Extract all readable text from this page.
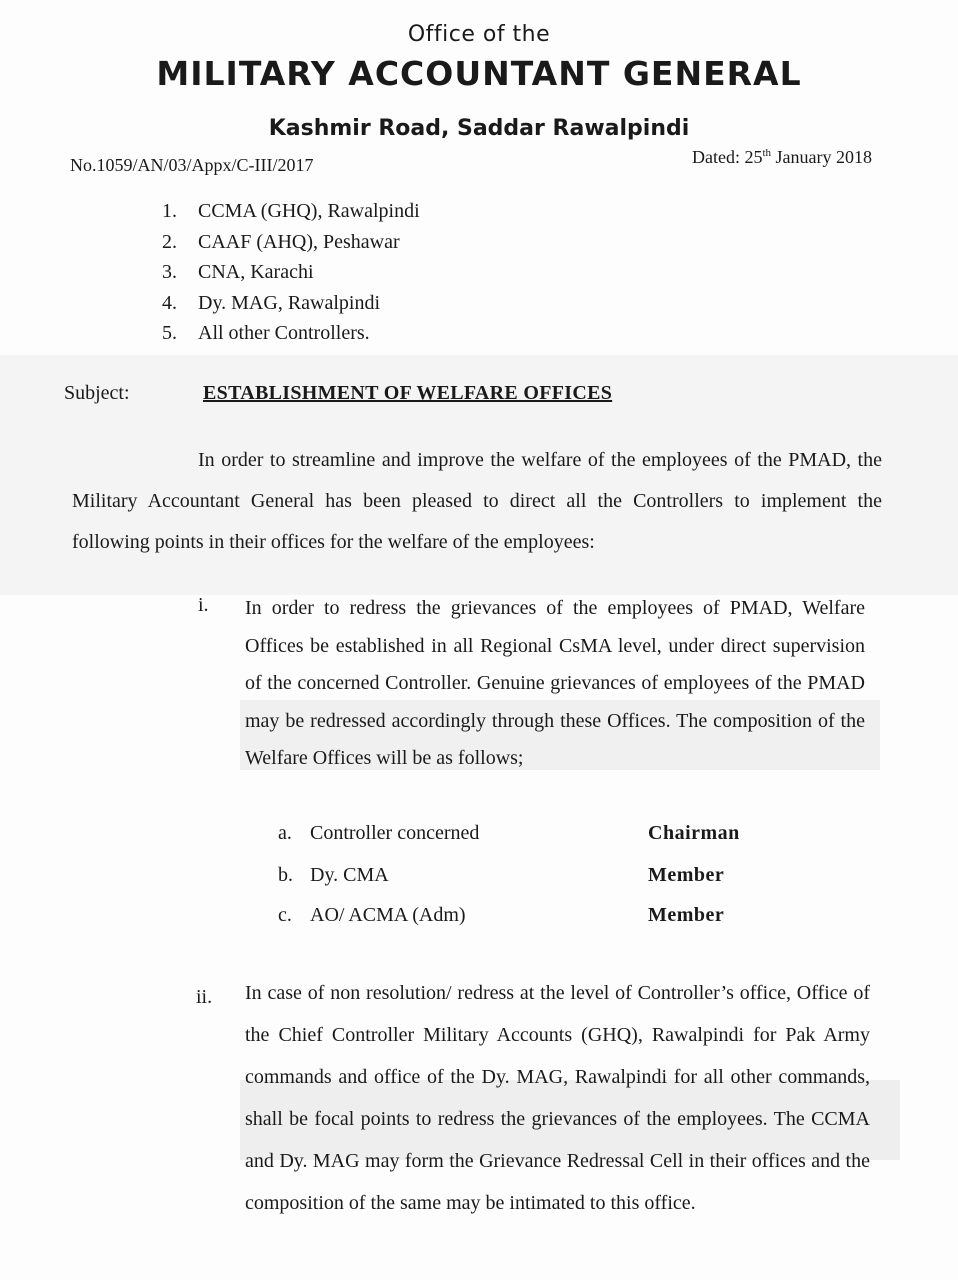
Office of the
MILITARY ACCOUNTANT GENERAL
Kashmir Road, Saddar Rawalpindi
No.1059/AN/03/Appx/C-III/2017	Dated: 25th January 2018
1. CCMA (GHQ), Rawalpindi
2. CAAF (AHQ), Peshawar
3. CNA, Karachi
4. Dy. MAG, Rawalpindi
5. All other Controllers.
Subject:	ESTABLISHMENT OF WELFARE OFFICES
In order to streamline and improve the welfare of the employees of the PMAD, the Military Accountant General has been pleased to direct all the Controllers to implement the following points in their offices for the welfare of the employees:
i. In order to redress the grievances of the employees of PMAD, Welfare Offices be established in all Regional CsMA level, under direct supervision of the concerned Controller. Genuine grievances of employees of the PMAD may be redressed accordingly through these Offices. The composition of the Welfare Offices will be as follows;
a. Controller concerned	Chairman
b. Dy. CMA	Member
c. AO/ ACMA (Adm)	Member
ii. In case of non resolution/ redress at the level of Controller’s office, Office of the Chief Controller Military Accounts (GHQ), Rawalpindi for Pak Army commands and office of the Dy. MAG, Rawalpindi for all other commands, shall be focal points to redress the grievances of the employees. The CCMA and Dy. MAG may form the Grievance Redressal Cell in their offices and the composition of the same may be intimated to this office.
